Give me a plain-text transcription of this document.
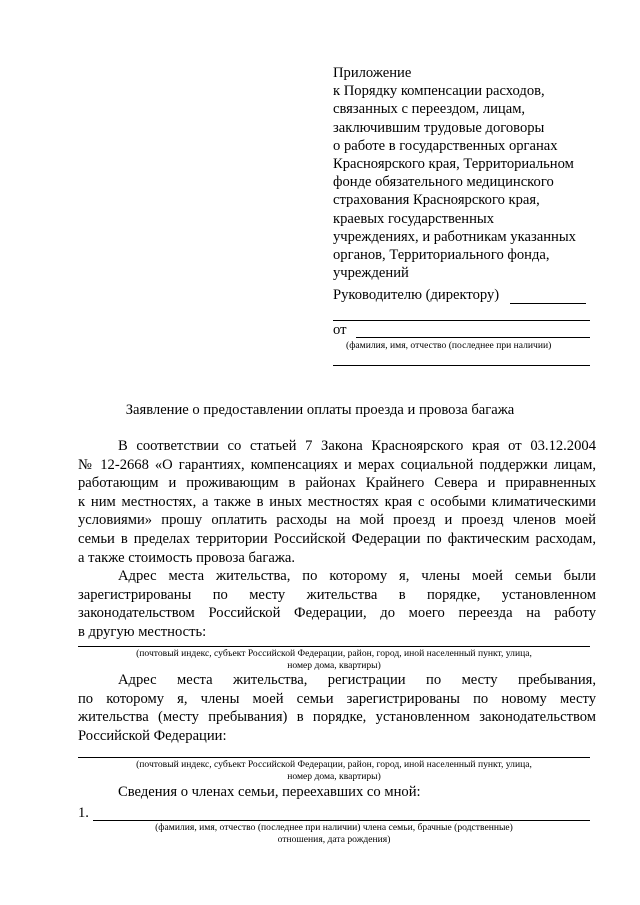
Приложение
к Порядку компенсации расходов,
связанных с переездом, лицам,
заключившим трудовые договоры
о работе в государственных органах
Красноярского края, Территориальном
фонде обязательного медицинского
страхования Красноярского края,
краевых государственных
учреждениях, и работникам указанных
органов, Территориального фонда,
учреждений
Руководителю (директору)
от
(фамилия, имя, отчество (последнее при наличии)
Заявление о предоставлении оплаты проезда и провоза багажа
В соответствии со статьей 7 Закона Красноярского края от 03.12.2004
№ 12-2668 «О гарантиях, компенсациях и мерах социальной поддержки лицам,
работающим и проживающим в районах Крайнего Севера и приравненных
к ним местностях, а также в иных местностях края с особыми климатическими
условиями» прошу оплатить расходы на мой проезд и проезд членов моей
семьи в пределах территории Российской Федерации по фактическим расходам,
а также стоимость провоза багажа.
Адрес места жительства, по которому я, члены моей семьи были
зарегистрированы по месту жительства в порядке, установленном
законодательством Российской Федерации, до моего переезда на работу
в другую местность:
(почтовый индекс, субъект Российской Федерации, район, город, иной населенный пункт, улица,
номер дома, квартиры)
Адрес места жительства, регистрации по месту пребывания,
по которому я, члены моей семьи зарегистрированы по новому месту
жительства (месту пребывания) в порядке, установленном законодательством
Российской Федерации:
(почтовый индекс, субъект Российской Федерации, район, город, иной населенный пункт, улица,
номер дома, квартиры)
Сведения о членах семьи, переехавших со мной:
1.
(фамилия, имя, отчество (последнее при наличии) члена семьи, брачные (родственные)
отношения, дата рождения)
